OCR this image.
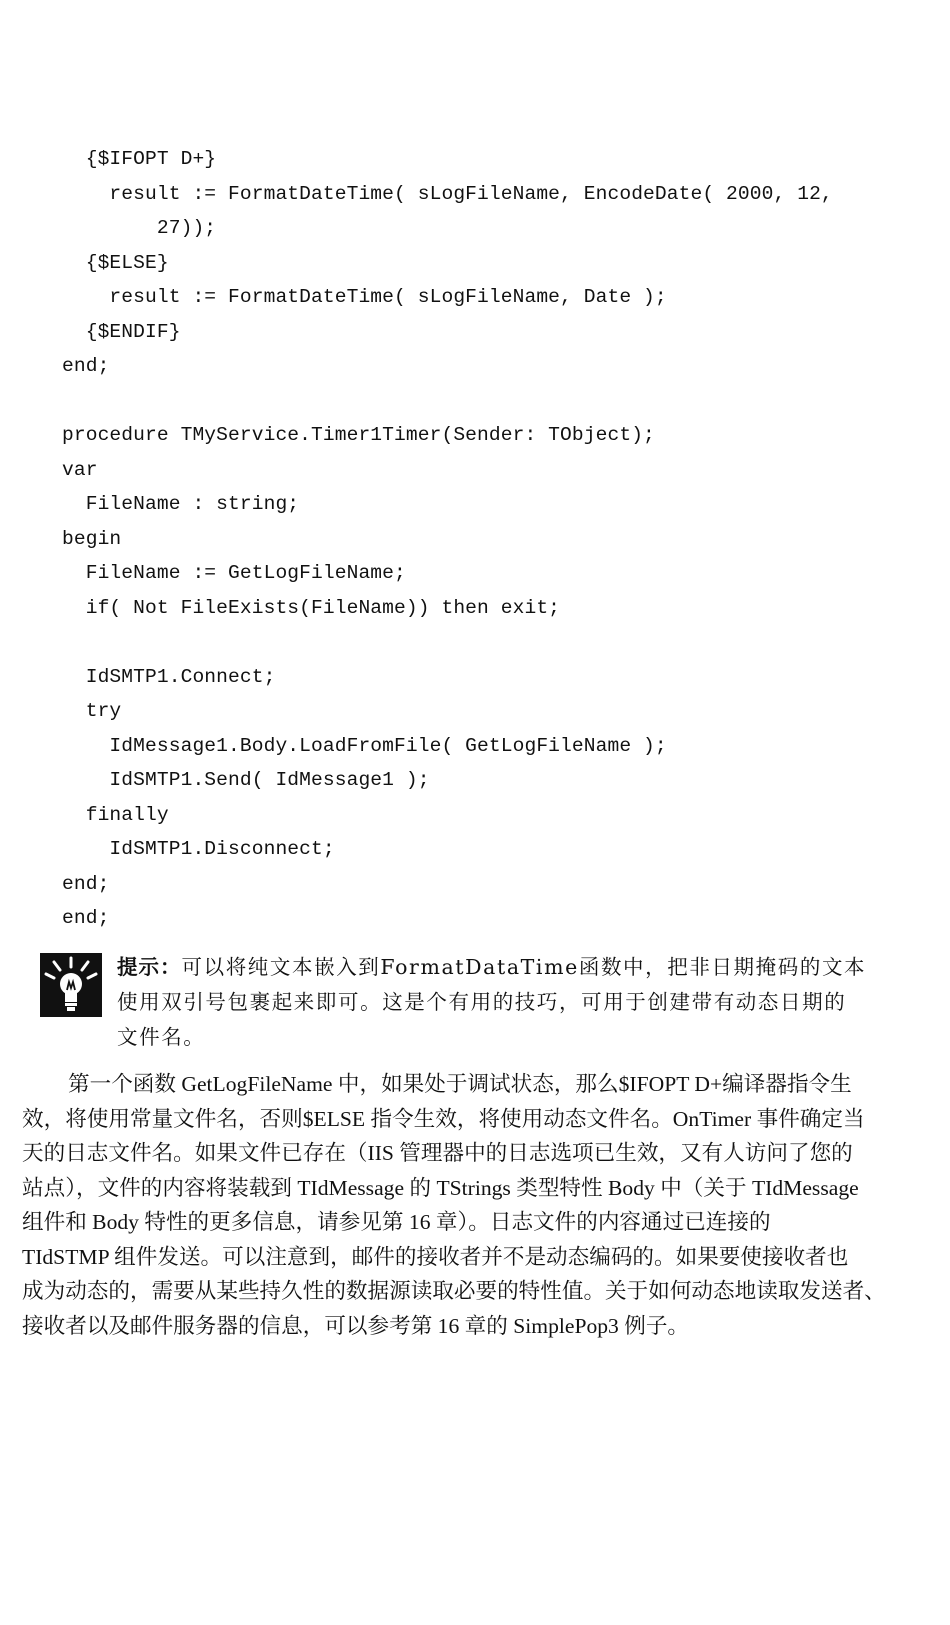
{$IFOPT D+}
result := FormatDateTime( sLogFileName, EncodeDate( 2000, 12,
27));
{$ELSE}
result := FormatDateTime( sLogFileName, Date );
{$ENDIF}
end;
procedure TMyService.Timer1Timer(Sender: TObject);
var
FileName : string;
begin
FileName := GetLogFileName;
if( Not FileExists(FileName)) then exit;
IdSMTP1.Connect;
try
IdMessage1.Body.LoadFromFile( GetLogFileName );
IdSMTP1.Send( IdMessage1 );
finally
IdSMTP1.Disconnect;
end;
end;
提示：可以将纯文本嵌入到FormatDataTime函数中，把非日期掩码的文本
使用双引号包裹起来即可。这是个有用的技巧，可用于创建带有动态日期的
文件名。
第一个函数 GetLogFileName 中，如果处于调试状态，那么$IFOPT D+编译器指令生
效，将使用常量文件名，否则$ELSE 指令生效，将使用动态文件名。OnTimer 事件确定当
天的日志文件名。如果文件已存在（IIS 管理器中的日志选项已生效，又有人访问了您的
站点），文件的内容将装载到 TIdMessage 的 TStrings 类型特性 Body 中（关于 TIdMessage
组件和 Body 特性的更多信息，请参见第 16 章）。日志文件的内容通过已连接的
TIdSTMP 组件发送。可以注意到，邮件的接收者并不是动态编码的。如果要使接收者也
成为动态的，需要从某些持久性的数据源读取必要的特性值。关于如何动态地读取发送者、
接收者以及邮件服务器的信息，可以参考第 16 章的 SimplePop3 例子。
